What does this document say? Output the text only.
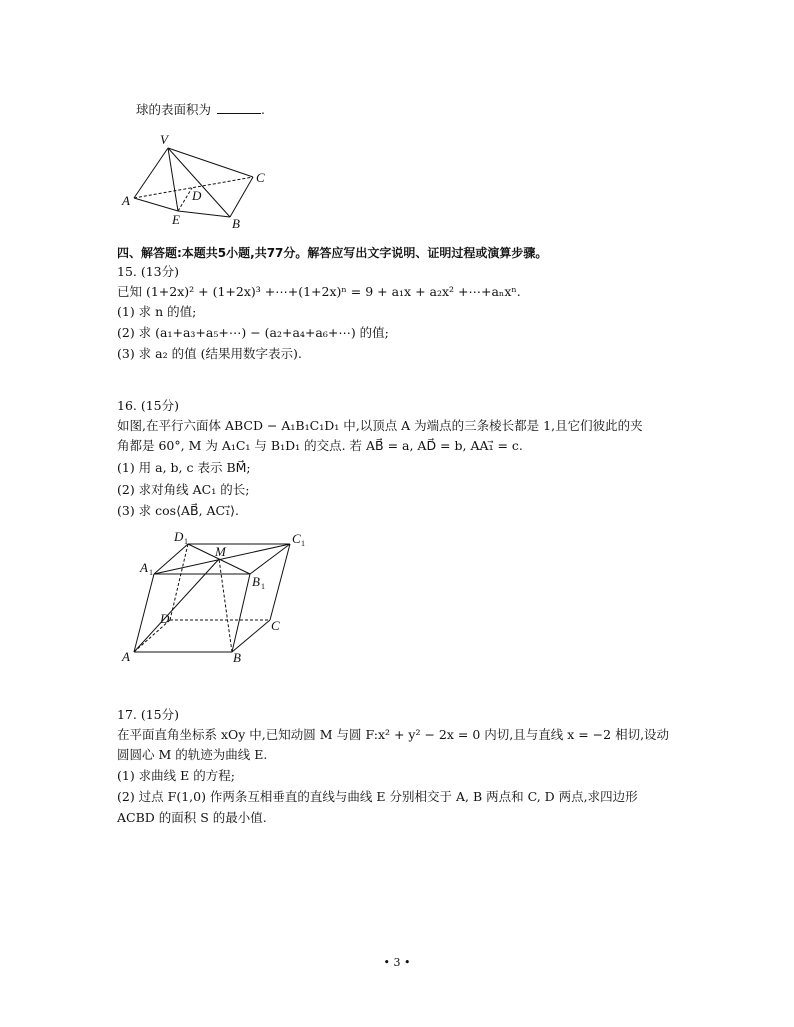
球的表面积为	.
V
A
C
D
E	B
四、解答题:本题共5小题,共77分。解答应写出文字说明、证明过程或演算步骤。
15. (13分)
已知 (1+2x)² + (1+2x)³ +⋯+(1+2x)ⁿ = 9 + a₁x + a₂x² +⋯+aₙxⁿ.
(1) 求 n 的值;
(2) 求 (a₁+a₃+a₅+⋯) − (a₂+a₄+a₆+⋯) 的值;
(3) 求 a₂ 的值 (结果用数字表示).
16. (15分)
如图,在平行六面体 ABCD − A₁B₁C₁D₁ 中,以顶点 A 为端点的三条棱长都是 1,且它们彼此的夹
角都是 60°, M 为 A₁C₁ 与 B₁D₁ 的交点. 若 AB⃗ = a, AD⃗ = b, AA₁⃗ = c.
(1) 用 a, b, c 表示 BM⃗;
(2) 求对角线 AC₁ 的长;
(3) 求 cos⟨AB⃗, AC₁⃗⟩.
D 1
M
C 1
A 1
B 1
D	C
A	B
17. (15分)
在平面直角坐标系 xOy 中,已知动圆 M 与圆 F:x² + y² − 2x = 0 内切,且与直线 x = −2 相切,设动
圆圆心 M 的轨迹为曲线 E.
(1) 求曲线 E 的方程;
(2) 过点 F(1,0) 作两条互相垂直的直线与曲线 E 分别相交于 A, B 两点和 C, D 两点,求四边形
ACBD 的面积 S 的最小值.
• 3 •
